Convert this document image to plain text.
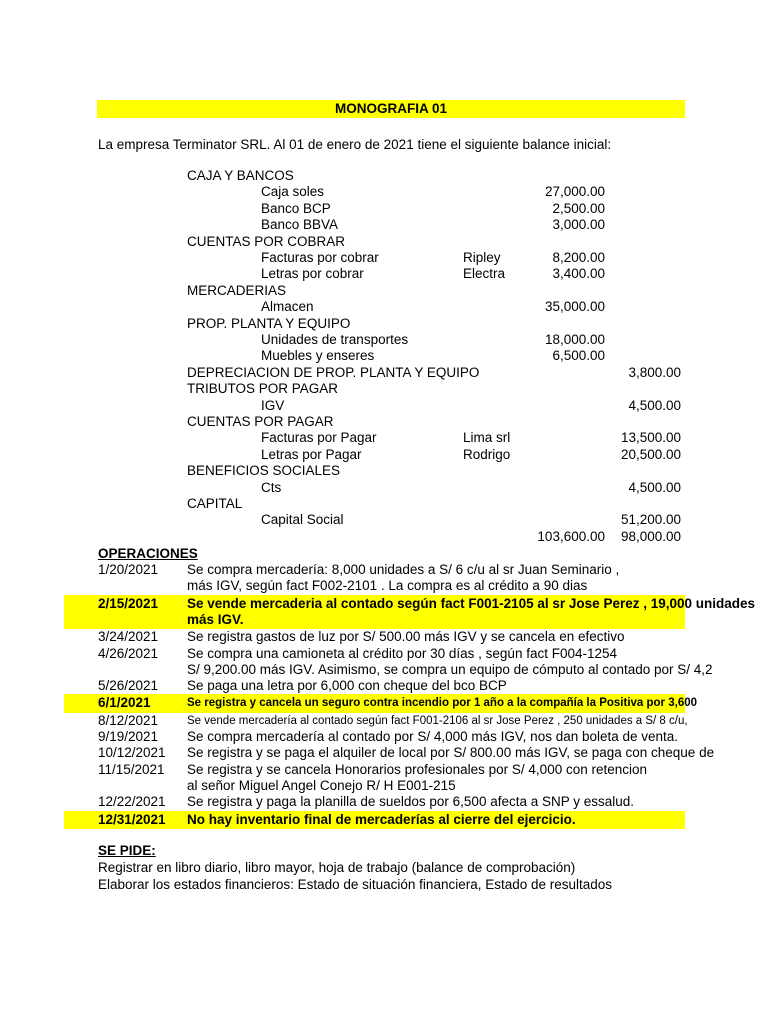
MONOGRAFIA 01
La empresa Terminator SRL. Al 01 de enero de 2021 tiene el siguiente balance inicial:
CAJA Y BANCOS
Caja soles	27,000.00
Banco BCP	2,500.00
Banco BBVA	3,000.00
CUENTAS POR COBRAR
Facturas por cobrar	Ripley	8,200.00
Letras por cobrar	Electra	3,400.00
MERCADERIAS
Almacen	35,000.00
PROP. PLANTA Y EQUIPO
Unidades de transportes	18,000.00
Muebles y enseres	6,500.00
DEPRECIACION DE PROP. PLANTA Y EQUIPO	3,800.00
TRIBUTOS POR PAGAR
IGV	4,500.00
CUENTAS POR PAGAR
Facturas por Pagar	Lima srl	13,500.00
Letras por Pagar	Rodrigo	20,500.00
BENEFICIOS SOCIALES
Cts	4,500.00
CAPITAL
Capital Social	51,200.00
103,600.00 98,000.00
OPERACIONES
1/20/2021 Se compra mercadería: 8,000 unidades a S/ 6 c/u al sr Juan Seminario ,
más IGV, según fact F002-2101 . La compra es al crédito a 90 dias
2/15/2021 Se vende mercaderia al contado según fact F001-2105 al sr Jose Perez , 19,000 unidades
más IGV.
3/24/2021 Se registra gastos de luz por S/ 500.00 más IGV y se cancela en efectivo
4/26/2021 Se compra una camioneta al crédito por 30 días , según fact F004-1254
S/ 9,200.00 más IGV. Asimismo, se compra un equipo de cómputo al contado por S/ 4,2
5/26/2021 Se paga una letra por 6,000 con cheque del bco BCP
6/1/2021	Se registra y cancela un seguro contra incendio por 1 año a la compañía la Positiva por 3,600
8/12/2021	Se vende mercadería al contado según fact F001-2106 al sr Jose Perez , 250 unidades a S/ 8 c/u,
9/19/2021 Se compra mercadería al contado por S/ 4,000 más IGV, nos dan boleta de venta.
10/12/2021 Se registra y se paga el alquiler de local por S/ 800.00 más IGV, se paga con cheque de
11/15/2021 Se registra y se cancela Honorarios profesionales por S/ 4,000 con retencion
al señor Miguel Angel Conejo R/ H E001-215
12/22/2021 Se registra y paga la planilla de sueldos por 6,500 afecta a SNP y essalud.
12/31/2021 No hay inventario final de mercaderías al cierre del ejercicio.
SE PIDE:
Registrar en libro diario, libro mayor, hoja de trabajo (balance de comprobación)
Elaborar los estados financieros: Estado de situación financiera, Estado de resultados
